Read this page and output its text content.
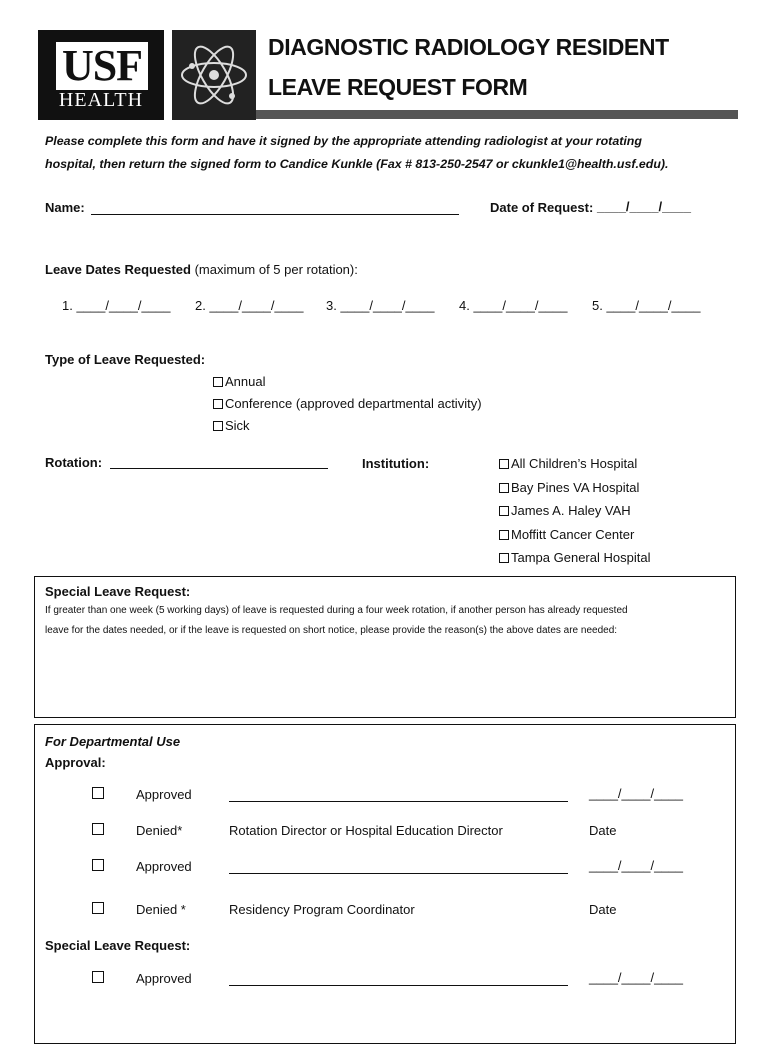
USF
HEALTH
DIAGNOSTIC RADIOLOGY RESIDENT
LEAVE REQUEST FORM
Please complete this form and have it signed by the appropriate attending radiologist at your rotating
hospital, then return the signed form to Candice Kunkle (Fax # 813-250-2547 or ckunkle1@health.usf.edu).
Name:	Date of Request: ____/____/____
Leave Dates Requested (maximum of 5 per rotation):
1. ____/____/____ 2. ____/____/____ 3. ____/____/____ 4. ____/____/____ 5. ____/____/____
Type of Leave Requested:
Annual
Conference (approved departmental activity)
Sick
Rotation:	Institution:	All Children’s Hospital
Bay Pines VA Hospital
James A. Haley VAH
Moffitt Cancer Center
Tampa General Hospital
Special Leave Request:
If greater than one week (5 working days) of leave is requested during a four week rotation, if another person has already requested
leave for the dates needed, or if the leave is requested on short notice, please provide the reason(s) the above dates are needed:
For Departmental Use
Approval:
Approved	____/____/____
Denied*	Rotation Director or Hospital Education Director	Date
Approved	____/____/____
Denied *	Residency Program Coordinator	Date
Special Leave Request:
Approved	____/____/____
